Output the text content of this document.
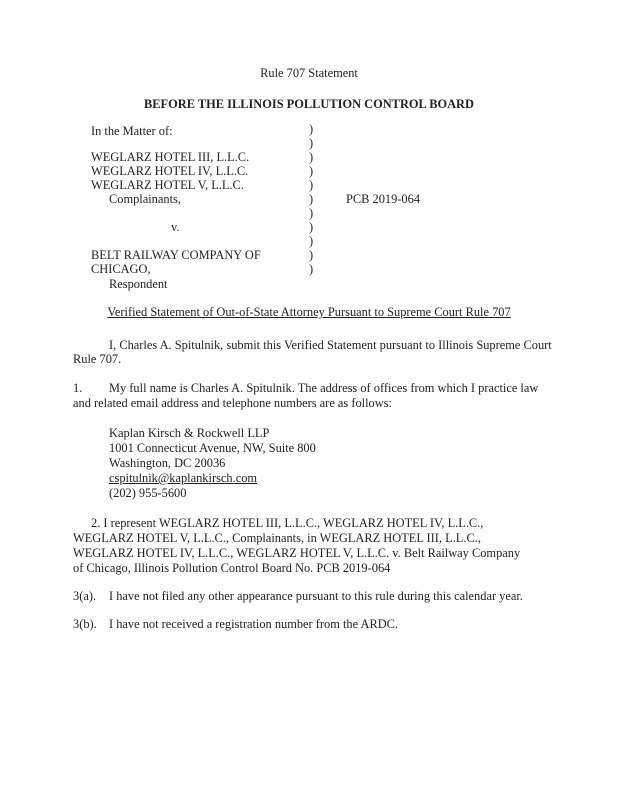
Rule 707 Statement
BEFORE THE ILLINOIS POLLUTION CONTROL BOARD
In the Matter of:
WEGLARZ HOTEL III, L.L.C.
WEGLARZ HOTEL IV, L.L.C.
WEGLARZ HOTEL V, L.L.C.
Complainants,
v.
BELT RAILWAY COMPANY OF
CHICAGO,
Respondent
PCB 2019-064
)
)
)
)
)
)
)
)
)
)
)
Verified Statement of Out-of-State Attorney Pursuant to Supreme Court Rule 707
I, Charles A. Spitulnik, submit this Verified Statement pursuant to Illinois Supreme Court
Rule 707.
1. My full name is Charles A. Spitulnik. The address of offices from which I practice law
and related email address and telephone numbers are as follows:
Kaplan Kirsch & Rockwell LLP
1001 Connecticut Avenue, NW, Suite 800
Washington, DC 20036
cspitulnik@kaplankirsch.com
(202) 955-5600
2. I represent WEGLARZ HOTEL III, L.L.C., WEGLARZ HOTEL IV, L.L.C.,
WEGLARZ HOTEL V, L.L.C., Complainants, in WEGLARZ HOTEL III, L.L.C.,
WEGLARZ HOTEL IV, L.L.C., WEGLARZ HOTEL V, L.L.C. v. Belt Railway Company
of Chicago, Illinois Pollution Control Board No. PCB 2019-064
3(a). I have not filed any other appearance pursuant to this rule during this calendar year.
3(b). I have not received a registration number from the ARDC.
